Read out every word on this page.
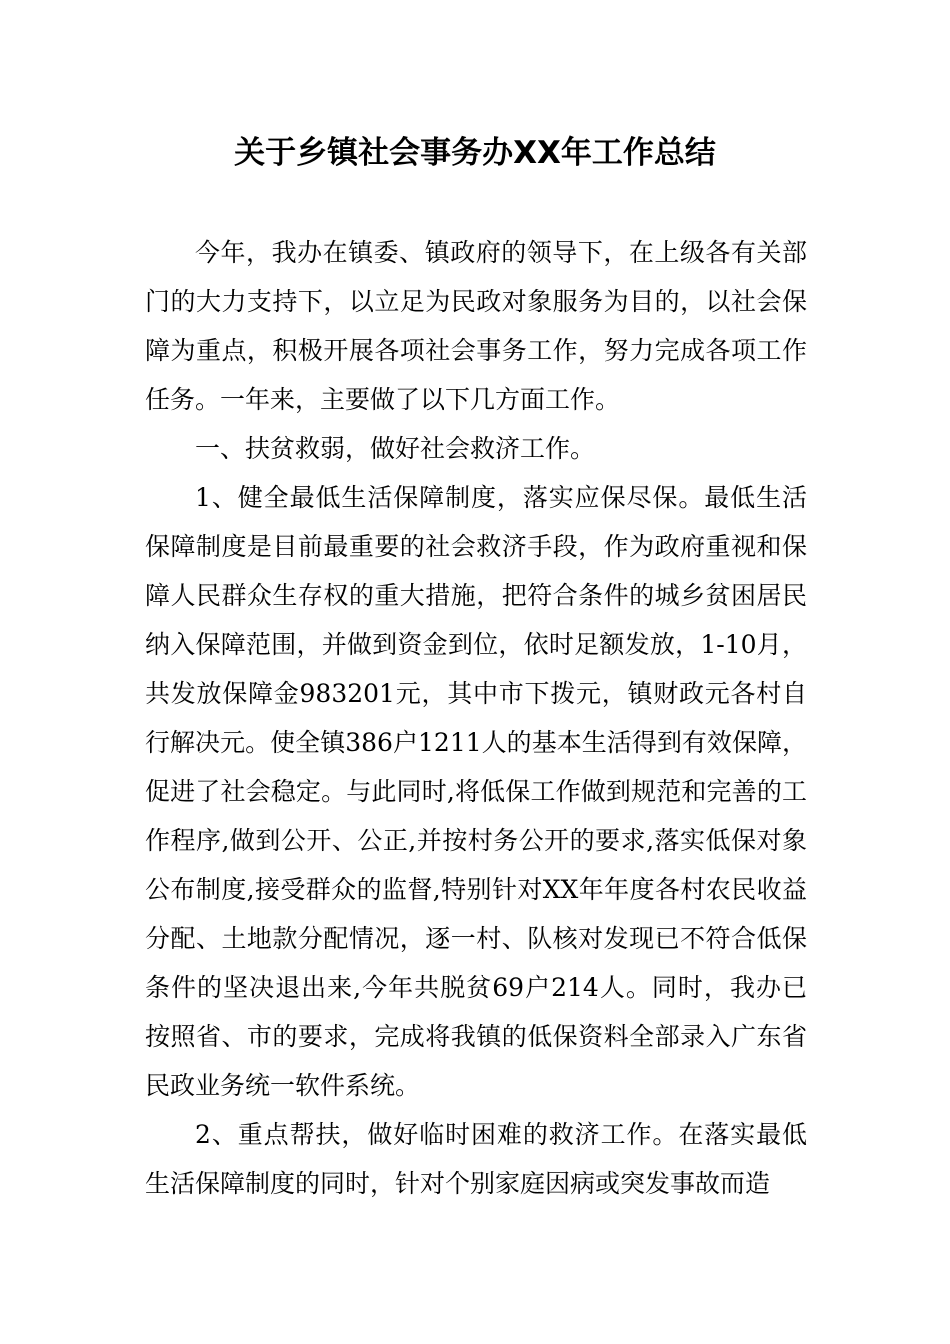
关于乡镇社会事务办XX年工作总结

今年，我办在镇委、镇政府的领导下，在上级各有关部门的大力支持下，以立足为民政对象服务为目的，以社会保障为重点，积极开展各项社会事务工作，努力完成各项工作任务。一年来，主要做了以下几方面工作。

一、扶贫救弱，做好社会救济工作。

1、健全最低生活保障制度，落实应保尽保。最低生活保障制度是目前最重要的社会救济手段，作为政府重视和保障人民群众生存权的重大措施，把符合条件的城乡贫困居民纳入保障范围，并做到资金到位，依时足额发放，1-10月，共发放保障金983201元，其中市下拨元，镇财政元各村自行解决元。使全镇386户1211人的基本生活得到有效保障，促进了社会稳定。与此同时,将低保工作做到规范和完善的工作程序,做到公开、公正,并按村务公开的要求,落实低保对象公布制度,接受群众的监督,特别针对XX年年度各村农民收益分配、土地款分配情况，逐一村、队核对发现已不符合低保条件的坚决退出来,今年共脱贫69户214人。同时，我办已按照省、市的要求，完成将我镇的低保资料全部录入广东省民政业务统一软件系统。

2、重点帮扶，做好临时困难的救济工作。在落实最低生活保障制度的同时，针对个别家庭因病或突发事故而造
